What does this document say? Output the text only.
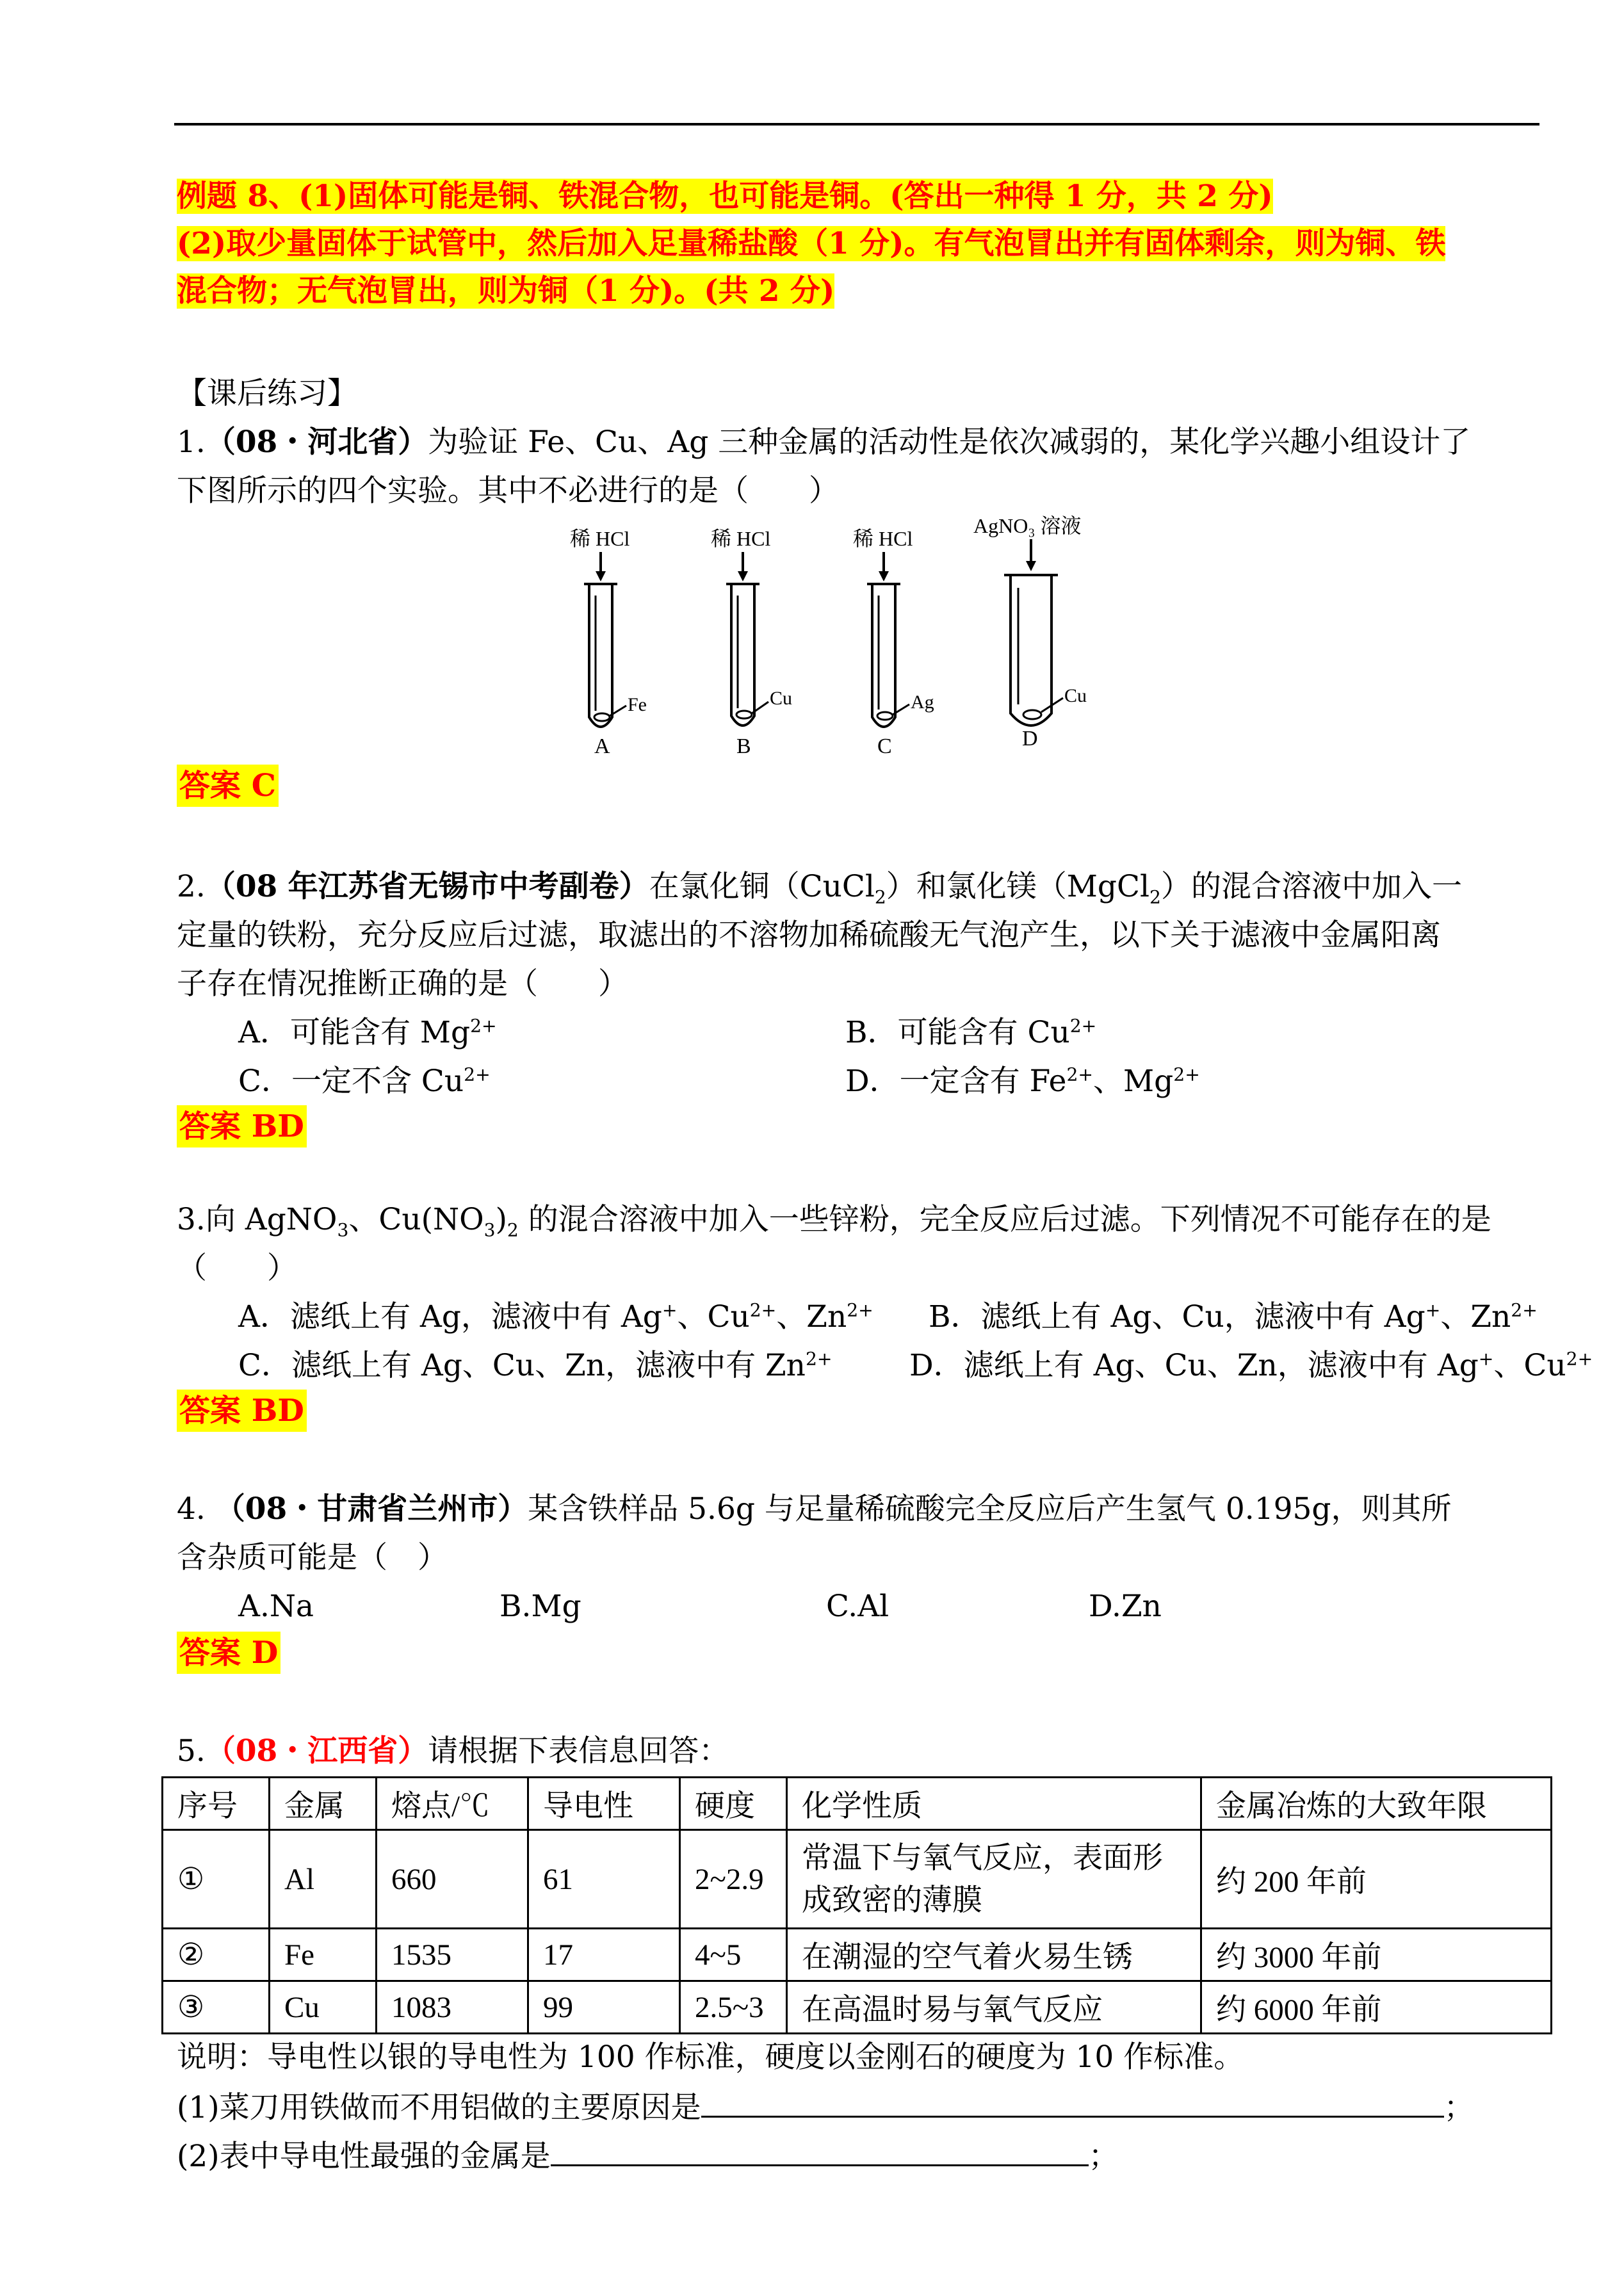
例题 8、(1)固体可能是铜、铁混合物，也可能是铜。(答出一种得 1 分，共 2 分)
(2)取少量固体于试管中，然后加入足量稀盐酸（1 分)。有气泡冒出并有固体剩余，则为铜、铁
混合物；无气泡冒出，则为铜（1 分)。(共 2 分)
【课后练习】
1.（08・河北省）为验证 Fe、Cu、Ag 三种金属的活动性是依次减弱的，某化学兴趣小组设计了
下图所示的四个实验。其中不必进行的是（　　）
稀 HCl
Fe
A
稀 HCl
Cu
B
稀 HCl
Ag
C
AgNO₃ 溶液
Cu
D
答案 C
2.（08 年江苏省无锡市中考副卷）在氯化铜（CuCl$_2$）和氯化镁（MgCl$_2$）的混合溶液中加入一
定量的铁粉，充分反应后过滤，取滤出的不溶物加稀硫酸无气泡产生，以下关于滤液中金属阳离
子存在情况推断正确的是（　　）
A．可能含有 $Mg^{2+}$	B．可能含有 $Cu^{2+}$
C．一定不含 $Cu^{2+}$	D．一定含有 $Fe^{2+}$、$Mg^{2+}$
答案 BD
3.向 AgNO$_3$、$Cu(NO_3)_2$ 的混合溶液中加入一些锌粉，完全反应后过滤。下列情况不可能存在的是
（　　）
A．滤纸上有 Ag，滤液中有 Ag+、$Cu^{2+}$、$Zn^{2+}$ B．滤纸上有 Ag、Cu，滤液中有 Ag+、$Zn^{2+}$
C．滤纸上有 Ag、Cu、Zn，滤液中有 $Zn^{2+}$	D．滤纸上有 Ag、Cu、Zn，滤液中有 Ag+、$Cu^{2+}$
答案 BD
4. （08・甘肃省兰州市）某含铁样品 5.6g 与足量稀硫酸完全反应后产生氢气 0.195g，则其所
含杂质可能是（　）
A.Na	B.Mg	C.Al	D.Zn
答案 D
5.（08・江西省）请根据下表信息回答：
序号	金属	熔点/℃	导电性	硬度	化学性质	金属冶炼的大致年限
①	Al	660	61	2~2.9	常温下与氧气反应，表面形成致密的薄膜	约 200 年前
②	Fe	1535	17	4~5	在潮湿的空气着火易生锈	约 3000 年前
③	Cu	1083	99	2.5~3	在高温时易与氧气反应	约 6000 年前
说明：导电性以银的导电性为 100 作标准，硬度以金刚石的硬度为 10 作标准。
(1)菜刀用铁做而不用铝做的主要原因是	；
(2)表中导电性最强的金属是	；
